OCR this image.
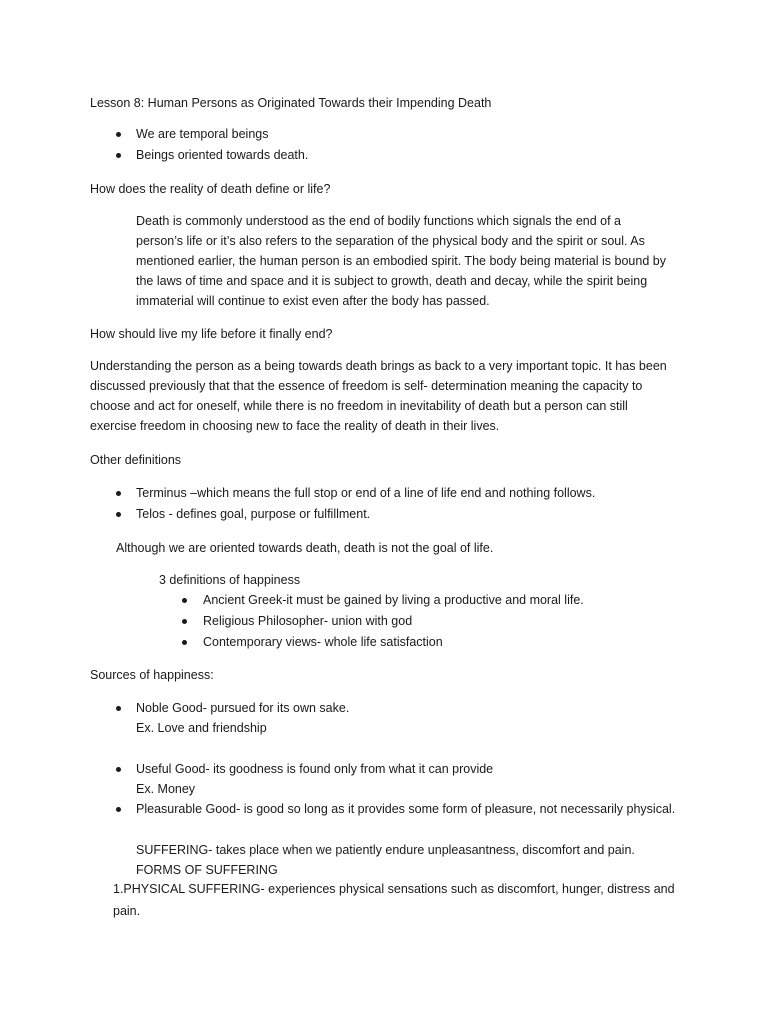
Lesson 8: Human Persons as Originated Towards their Impending Death
We are temporal beings
Beings oriented towards death.
How does the reality of death define or life?
Death is commonly understood as the end of bodily functions which signals the end of a
person’s life or it’s also refers to the separation of the physical body and the spirit or soul. As
mentioned earlier, the human person is an embodied spirit. The body being material is bound by
the laws of time and space and it is subject to growth, death and decay, while the spirit being
immaterial will continue to exist even after the body has passed.
How should live my life before it finally end?
Understanding the person as a being towards death brings as back to a very important topic. It has been
discussed previously that that the essence of freedom is self- determination meaning the capacity to
choose and act for oneself, while there is no freedom in inevitability of death but a person can still
exercise freedom in choosing new to face the reality of death in their lives.
Other definitions
Terminus –which means the full stop or end of a line of life end and nothing follows.
Telos - defines goal, purpose or fulfillment.
Although we are oriented towards death, death is not the goal of life.
3 definitions of happiness
Ancient Greek-it must be gained by living a productive and moral life.
Religious Philosopher- union with god
Contemporary views- whole life satisfaction
Sources of happiness:
Noble Good- pursued for its own sake.
Ex. Love and friendship
Useful Good- its goodness is found only from what it can provide
Ex. Money
Pleasurable Good- is good so long as it provides some form of pleasure, not necessarily physical.
SUFFERING- takes place when we patiently endure unpleasantness, discomfort and pain.
FORMS OF SUFFERING
1.PHYSICAL SUFFERING- experiences physical sensations such as discomfort, hunger, distress and
pain.
